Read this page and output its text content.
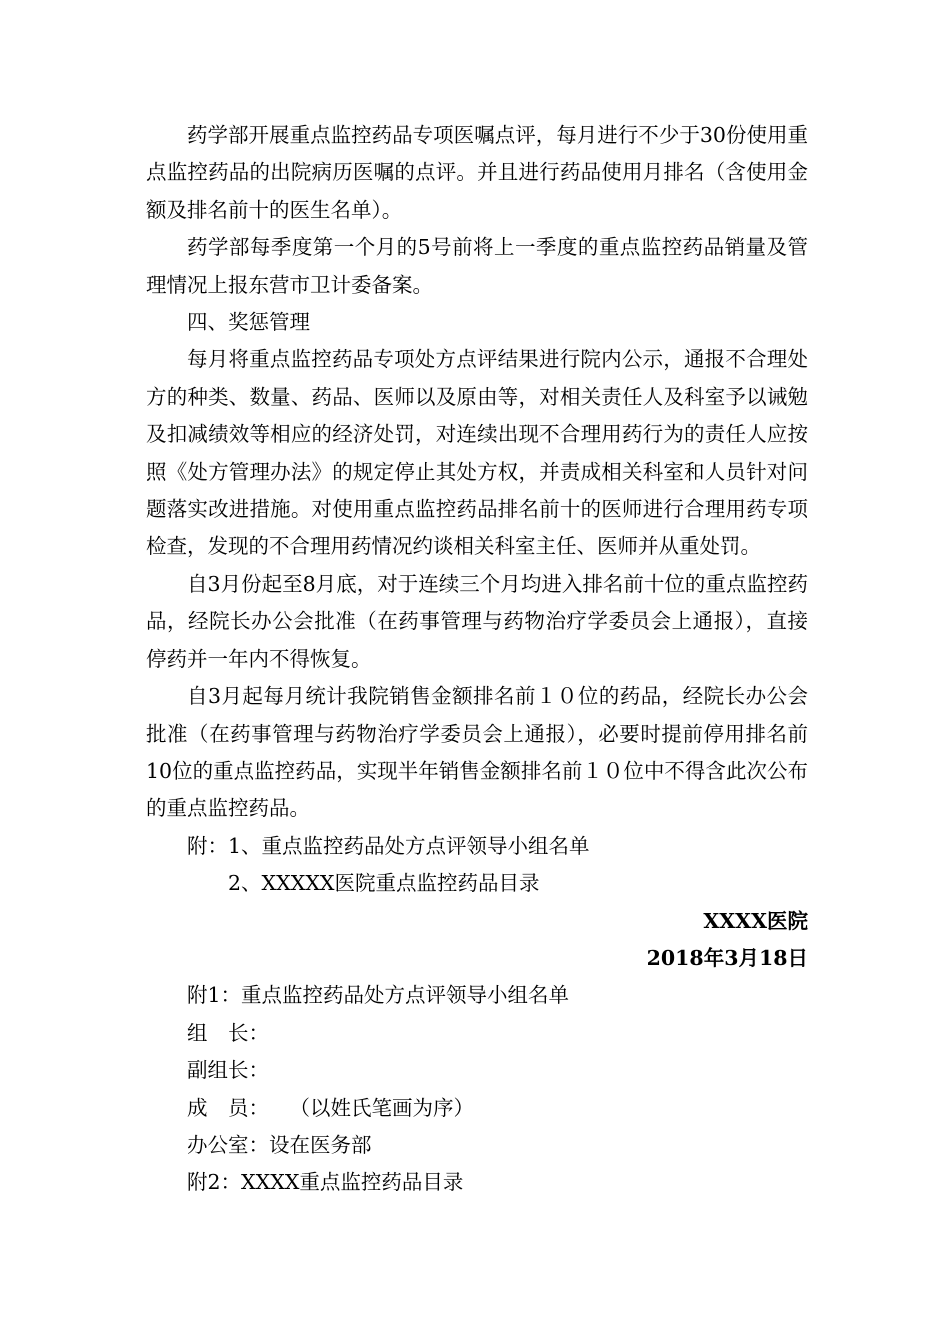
药学部开展重点监控药品专项医嘱点评，每月进行不少于30份使用重点监控药品的出院病历医嘱的点评。并且进行药品使用月排名（含使用金额及排名前十的医生名单）。

药学部每季度第一个月的5号前将上一季度的重点监控药品销量及管理情况上报东营市卫计委备案。

四、奖惩管理

每月将重点监控药品专项处方点评结果进行院内公示，通报不合理处方的种类、数量、药品、医师以及原由等，对相关责任人及科室予以诫勉及扣减绩效等相应的经济处罚，对连续出现不合理用药行为的责任人应按照《处方管理办法》的规定停止其处方权，并责成相关科室和人员针对问题落实改进措施。对使用重点监控药品排名前十的医师进行合理用药专项检查，发现的不合理用药情况约谈相关科室主任、医师并从重处罚。

自3月份起至8月底，对于连续三个月均进入排名前十位的重点监控药品，经院长办公会批准（在药事管理与药物治疗学委员会上通报），直接停药并一年内不得恢复。

自3月起每月统计我院销售金额排名前１０位的药品，经院长办公会批准（在药事管理与药物治疗学委员会上通报），必要时提前停用排名前10位的重点监控药品，实现半年销售金额排名前１０位中不得含此次公布的重点监控药品。

附：1、重点监控药品处方点评领导小组名单

2、XXXXX医院重点监控药品目录

XXXX医院

2018年3月18日

附1：重点监控药品处方点评领导小组名单

组　长：

副组长：

成　员：　　（以姓氏笔画为序）

办公室：设在医务部

附2：XXXX重点监控药品目录
